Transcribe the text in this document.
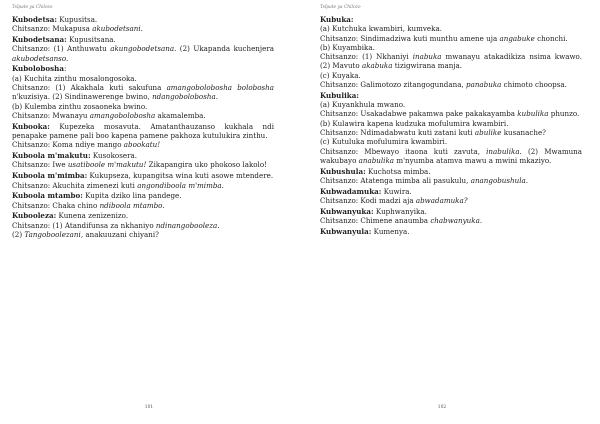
Tsîpate ya Chilozo

Kubodetsa: Kupusitsa.

Chitsanzo: Mukapusa akubodetsani.

Kubodetsana: Kupusitsana.

Chitsanzo: (1) Anthuwatu akungobodetsana. (2) Ukapanda kuchenjera akubodetsanso.

Kubolobosha:

(a) Kuchita zinthu mosalongosoka.

Chitsanzo: (1) Akakhala kuti sakufuna amangobolobosha bolobosha n'kuzisiya. (2) Sindinawerenge bwino, ndangobolobosha.

(b) Kulemba zinthu zosaoneka bwino.

Chitsanzo: Mwanayu amangobolobosha akamalemba.

Kubooka: Kupezeka mosavuta. Amatanthauzanso kukhala ndi penapake pamene pali boo kapena pamene pakhoza kutulukira zinthu.

Chitsanzo: Koma ndiye mango abookatu!

Kuboola m'makutu: Kusokosera.

Chitsanzo: Iwe usatiboole m'makutu! Zikapangira uko phokoso lakolo!

Kuboola m'mimba: Kukupseza, kupangitsa wina kuti asowe mtendere.

Chitsanzo: Akuchita zimenezi kuti angondiboola m'mimba.

Kuboola mtambo: Kupita dziko lina pandege.

Chitsanzo: Chaka chino ndiboola mtambo.

Kubooleza: Kunena zenizenizo.

Chitsanzo: (1) Atandifunsa za nkhaniyo ndinangobooleza.

(2) Tangoboolezani, anakuuzani chiyani?

101
Tsîpate ya Chilozo

Kubuka:

(a) Kutchuka kwambiri, kumveka.

Chitsanzo: Sindimadziwa kuti munthu amene uja angabuke chonchi.

(b) Kuyambika.

Chitsanzo: (1) Nkhaniyi inabuka mwanayu atakadikiza nsima kwawo. (2) Mavuto akabuka tizigwirana manja.

(c) Kuyaka.

Chitsanzo: Galimotozo zitangogundana, panabuka chimoto choopsa.

Kubulika:

(a) Kuyankhula mwano.

Chitsanzo: Usakadabwe pakamwa pake pakakayamba kubulika phunzo.

(b) Kulawira kapena kudzuka mofulumira kwambiri.

Chitsanzo: Ndimadabwatu kuti zatani kuti abulike kusanache?

(c) Kutuluka mofulumira kwambiri.

Chitsanzo: Mbewayo itaona kuti zavuta, inabulika. (2) Mwamuna wakubayo anabulika m'nyumba atamva mawu a mwini mkaziyo.

Kubushula: Kuchotsa mimba.

Chitsanzo: Atatenga mimba ali pasukulu, anangobushula.

Kubwadamuka: Kuwira.

Chitsanzo: Kodi madzi aja abwadamuka?

Kubwanyuka: Kuphwanyika.

Chitsanzo: Chimene anaumba chabwanyuka.

Kubwanyula: Kumenya.

102
